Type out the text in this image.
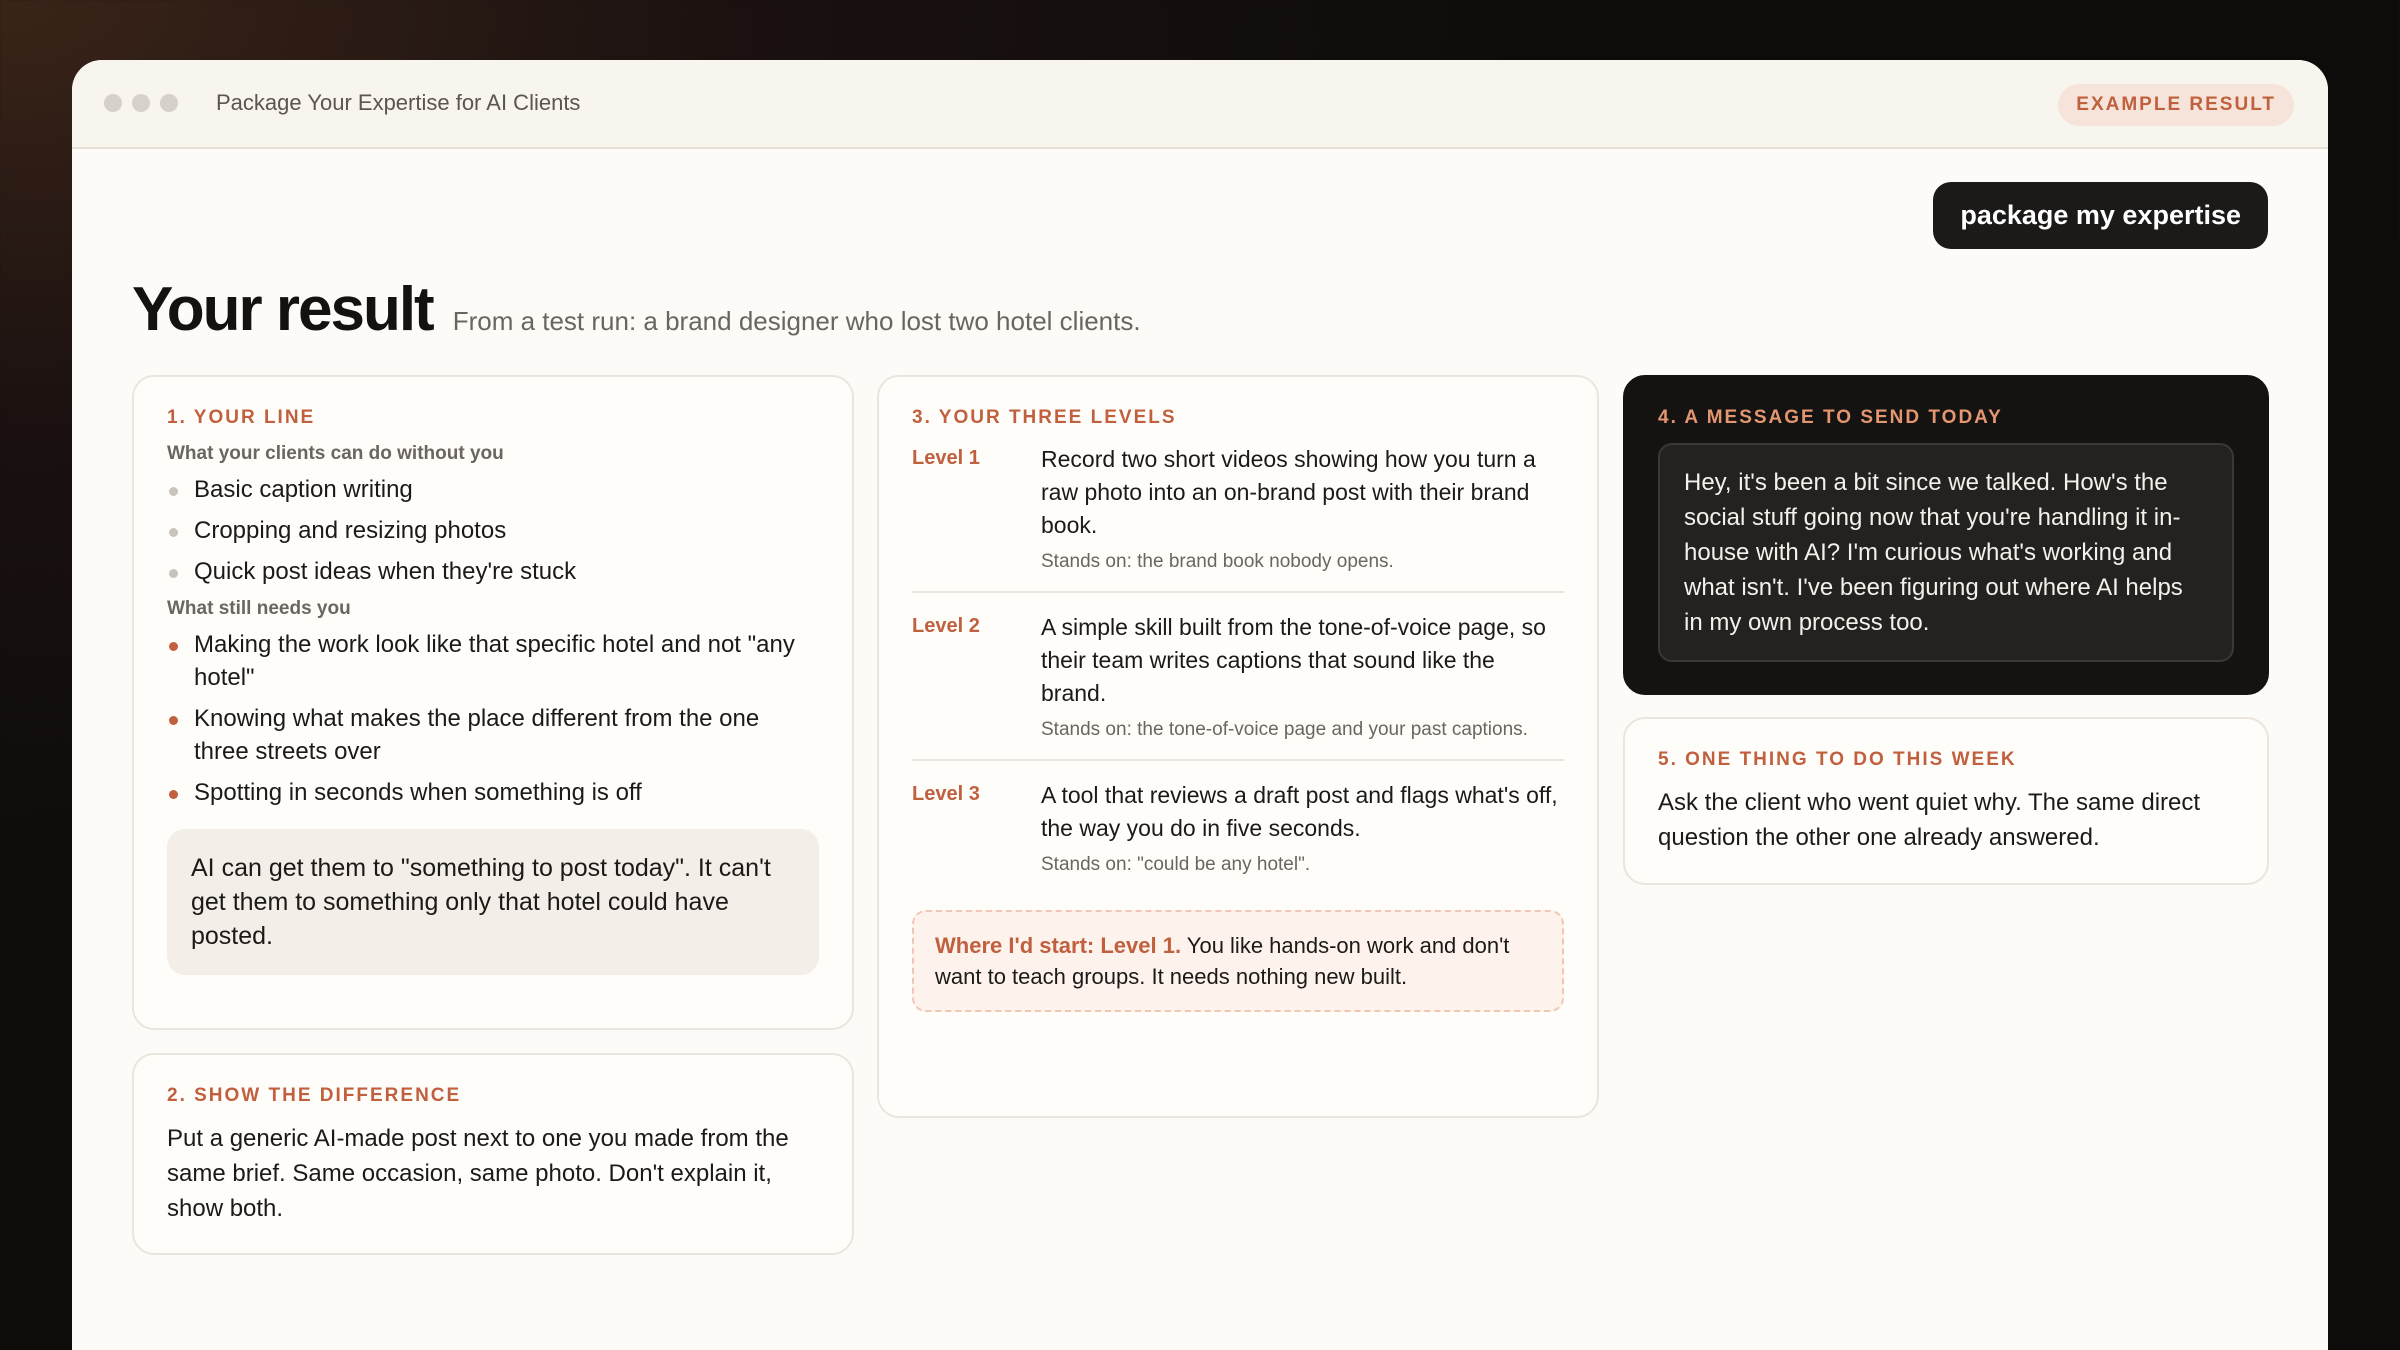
Package Your Expertise for AI Clients	EXAMPLE RESULT
package my expertise
Your result From a test run: a brand designer who lost two hotel clients.
1. YOUR LINE
What your clients can do without you
Basic caption writing
Cropping and resizing photos
Quick post ideas when they're stuck
What still needs you
Making the work look like that specific hotel and not "any hotel"
Knowing what makes the place different from the one three streets over
Spotting in seconds when something is off
AI can get them to "something to post today". It can't get them to something only that hotel could have posted.
2. SHOW THE DIFFERENCE
Put a generic AI-made post next to one you made from the same brief. Same occasion, same photo. Don't explain it, show both.
3. YOUR THREE LEVELS
Level 1	Record two short videos showing how you turn a raw photo into an on-brand post with their brand book.
Stands on: the brand book nobody opens.
Level 2	A simple skill built from the tone-of-voice page, so their team writes captions that sound like the brand.
Stands on: the tone-of-voice page and your past captions.
Level 3	A tool that reviews a draft post and flags what's off, the way you do in five seconds.
Stands on: "could be any hotel".
Where I'd start: Level 1. You like hands-on work and don't want to teach groups. It needs nothing new built.
4. A MESSAGE TO SEND TODAY
Hey, it's been a bit since we talked. How's the social stuff going now that you're handling it in-house with AI? I'm curious what's working and what isn't. I've been figuring out where AI helps in my own process too.
5. ONE THING TO DO THIS WEEK
Ask the client who went quiet why. The same direct question the other one already answered.
